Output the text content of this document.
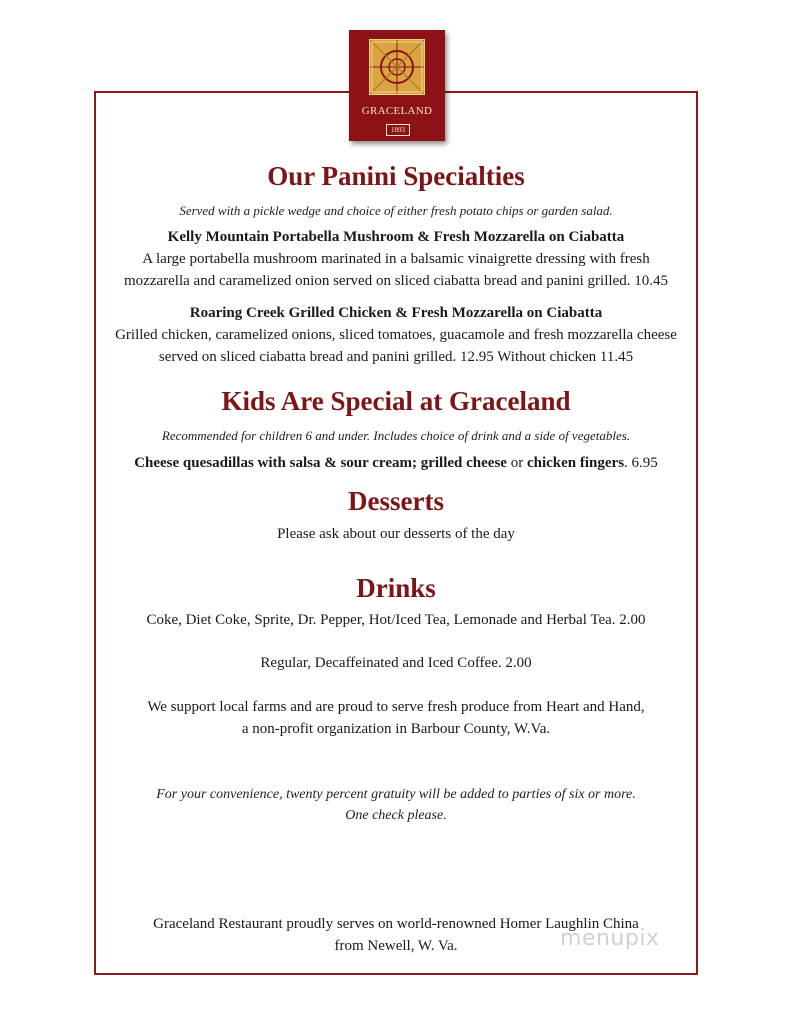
GRACELAND
1893
Our Panini Specialties
Served with a pickle wedge and choice of either fresh potato chips or garden salad.
Kelly Mountain Portabella Mushroom & Fresh Mozzarella on Ciabatta
A large portabella mushroom marinated in a balsamic vinaigrette dressing with fresh
mozzarella and caramelized onion served on sliced ciabatta bread and panini grilled. 10.45
Roaring Creek Grilled Chicken & Fresh Mozzarella on Ciabatta
Grilled chicken, caramelized onions, sliced tomatoes, guacamole and fresh mozzarella cheese
served on sliced ciabatta bread and panini grilled. 12.95 Without chicken 11.45
Kids Are Special at Graceland
Recommended for children 6 and under. Includes choice of drink and a side of vegetables.
Cheese quesadillas with salsa & sour cream; grilled cheese or chicken fingers. 6.95
Desserts
Please ask about our desserts of the day
Drinks
Coke, Diet Coke, Sprite, Dr. Pepper, Hot/Iced Tea, Lemonade and Herbal Tea. 2.00
Regular, Decaffeinated and Iced Coffee. 2.00
We support local farms and are proud to serve fresh produce from Heart and Hand,
a non-profit organization in Barbour County, W.Va.
For your convenience, twenty percent gratuity will be added to parties of six or more.
One check please.
Graceland Restaurant proudly serves on world-renowned Homer Laughlin China
from Newell, W. Va.	menupix
